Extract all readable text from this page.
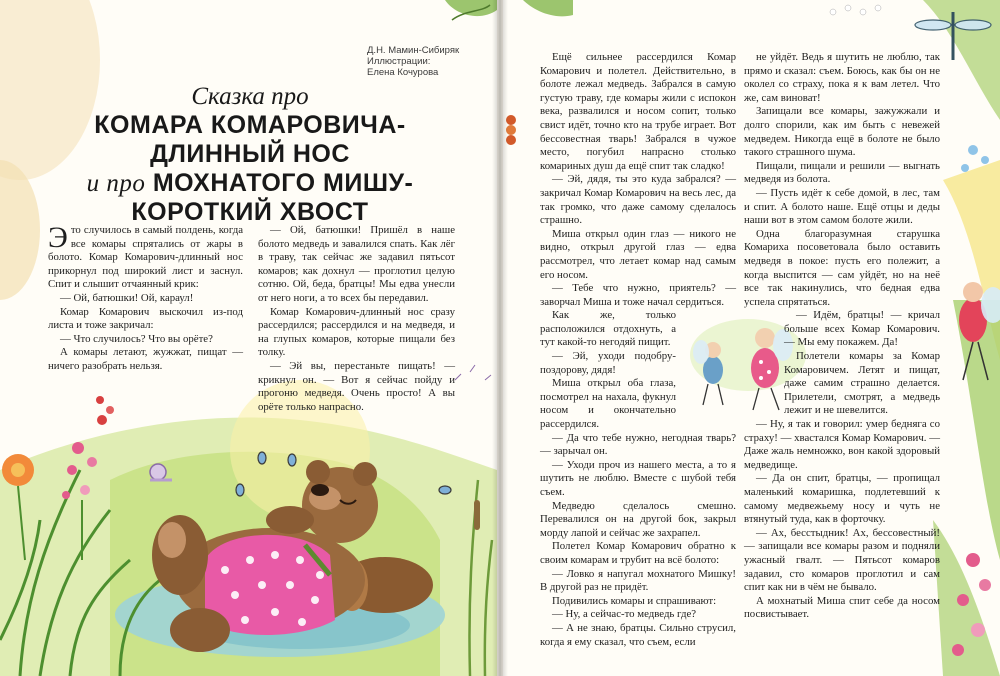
Д.Н. Мамин-Сибиряк
Иллюстрации:
Елена Кочурова
Сказка про
КОМАРА КОМАРОВИЧА-
ДЛИННЫЙ НОС
и про МОХНАТОГО МИШУ-
КОРОТКИЙ ХВОСТ

Это случилось в самый полдень, когда все комары спрятались от жары в болото. Комар Комарович-длинный нос прикорнул под широкий лист и заснул. Спит и слышит отчаянный крик:

— Ой, батюшки! Ой, караул!

Комар Комарович выскочил из-под листа и тоже закричал:

— Что случилось? Что вы орёте?

А комары летают, жужжат, пищат — ничего разобрать нельзя.

— Ой, батюшки! Пришёл в наше болото медведь и завалился спать. Как лёг в траву, так сейчас же задавил пятьсот комаров; как дохнул — проглотил целую сотню. Ой, беда, братцы! Мы едва унесли от него ноги, а то всех бы передавил.

Комар Комарович-длинный нос сразу рассердился; рассердился и на медведя, и на глупых комаров, которые пищали без толку.

— Эй вы, перестаньте пищать! — крикнул он. — Вот я сейчас пойду и прогоню медведя. Очень просто! А вы орёте только напрасно.

Ещё сильнее рассердился Комар Комарович и полетел. Действительно, в болоте лежал медведь. Забрался в самую густую траву, где комары жили с испокон века, развалился и носом сопит, только свист идёт, точно кто на трубе играет. Вот бессовестная тварь! Забрался в чужое место, погубил напрасно столько комариных душ да ещё спит так сладко!

— Эй, дядя, ты это куда забрался? — закричал Комар Комарович на весь лес, да так громко, что даже самому сделалось страшно.

Миша открыл один глаз — никого не видно, открыл другой глаз — едва рассмотрел, что летает комар над самым его носом.

— Тебе что нужно, приятель? — заворчал Миша и тоже начал сердиться.

Как же, только расположился отдохнуть, а тут какой-то негодяй пищит.

— Эй, уходи подобру-поздорову, дядя!

Миша открыл оба глаза, посмотрел на нахала, фукнул носом и окончательно рассердился.

— Да что тебе нужно, негодная тварь? — зарычал он.

— Уходи проч из нашего места, а то я шутить не люблю. Вместе с шубой тебя съем.

Медведю сделалось смешно. Перевалился он на другой бок, закрыл морду лапой и сейчас же захрапел.

Полетел Комар Комарович обратно к своим комарам и трубит на всё болото:

— Ловко я напугал мохнатого Мишку! В другой раз не придёт.

Подивились комары и спрашивают:

— Ну, а сейчас-то медведь где?

— А не знаю, братцы. Сильно струсил, когда я ему сказал, что съем, если

не уйдёт. Ведь я шутить не люблю, так прямо и сказал: съем. Боюсь, как бы он не околел со страху, пока я к вам летел. Что же, сам виноват!

Запищали все комары, зажужжали и долго спорили, как им быть с невежей медведем. Никогда ещё в болоте не было такого страшного шума.

Пищали, пищали и решили — выгнать медведя из болота.

— Пусть идёт к себе домой, в лес, там и спит. А болото наше. Ещё отцы и деды наши вот в этом самом болоте жили.

Одна благоразумная старушка Комариха посоветовала было оставить медведя в покое: пусть его полежит, а когда выспится — сам уйдёт, но на неё все так накинулись, что бедная едва успела спрятаться.

— Идём, братцы! — кричал больше всех Комар Комарович. — Мы ему покажем. Да!

Полетели комары за Комар Комаровичем. Летят и пищат, даже самим страшно делается. Прилетели, смотрят, а медведь лежит и не шевелится.

— Ну, я так и говорил: умер бедняга со страху! — хвастался Комар Комарович. — Даже жаль немножко, вон какой здоровый медведище.

— Да он спит, братцы, — пропищал маленький комаришка, подлетевший к самому медвежьему носу и чуть не втянутый туда, как в форточку.

— Ах, бесстыдник! Ах, бессовестный! — запищали все комары разом и подняли ужасный гвалт. — Пятьсот комаров задавил, сто комаров проглотил и сам спит как ни в чём не бывало.

А мохнатый Миша спит себе да носом посвистывает.
